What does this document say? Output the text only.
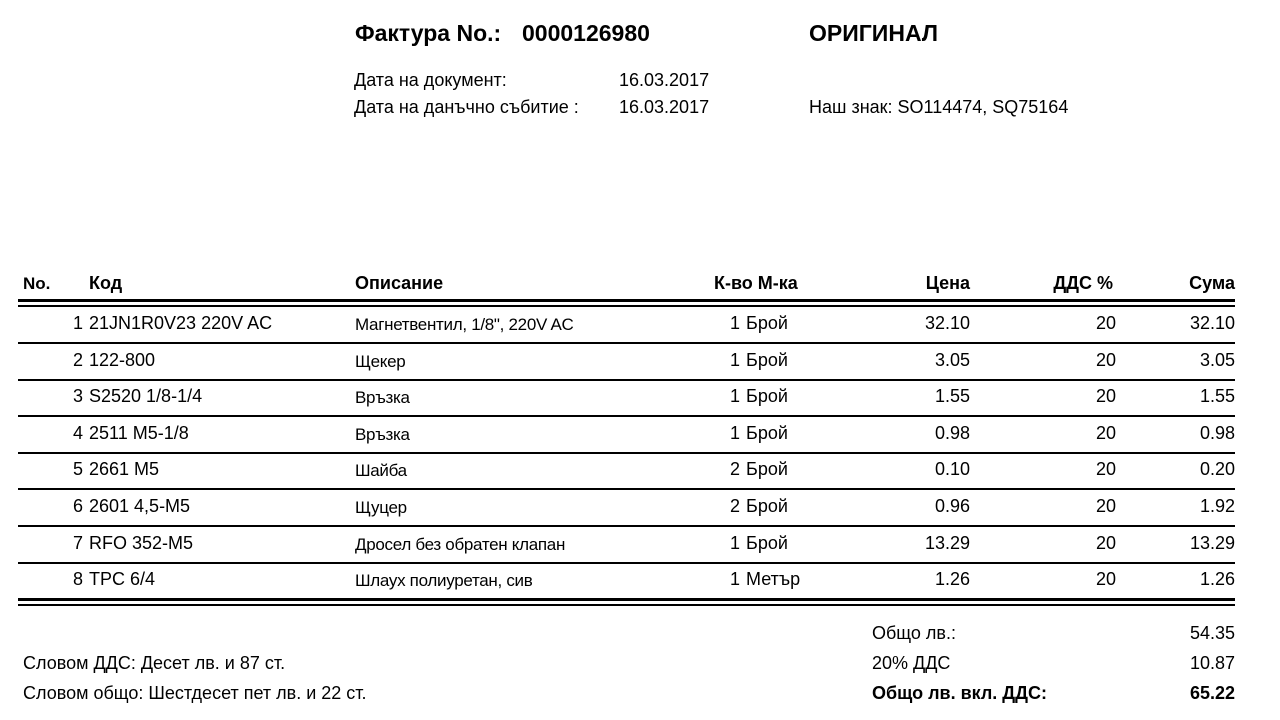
Фактура No.: 0000126980	ОРИГИНАЛ
Дата на документ:	16.03.2017
Дата на данъчно събитие : 16.03.2017	Наш знак: SO114474, SQ75164
No. Код	Описание	К-во М-ка	Цена	ДДС %	Сума
1 21JN1R0V23 220V AC	Магнетвентил, 1/8", 220V AC	1 Брой	32.10	20	32.10
2 122-800	Щекер	1 Брой	3.05	20	3.05
3 S2520 1/8-1/4	Връзка	1 Брой	1.55	20	1.55
4 2511 M5-1/8	Връзка	1 Брой	0.98	20	0.98
5 2661 M5	Шайба	2 Брой	0.10	20	0.20
6 2601 4,5-M5	Щуцер	2 Брой	0.96	20	1.92
7 RFO 352-M5	Дросел без обратен клапан	1 Брой	13.29	20	13.29
8 TPC 6/4	Шлаух полиуретан, сив	1 Метър	1.26	20	1.26
Общо лв.:	54.35
20% ДДС	10.87
Общо лв. вкл. ДДС:	65.22
Словом ДДС: Десет лв. и 87 ст.
Словом общо: Шестдесет пет лв. и 22 ст.
